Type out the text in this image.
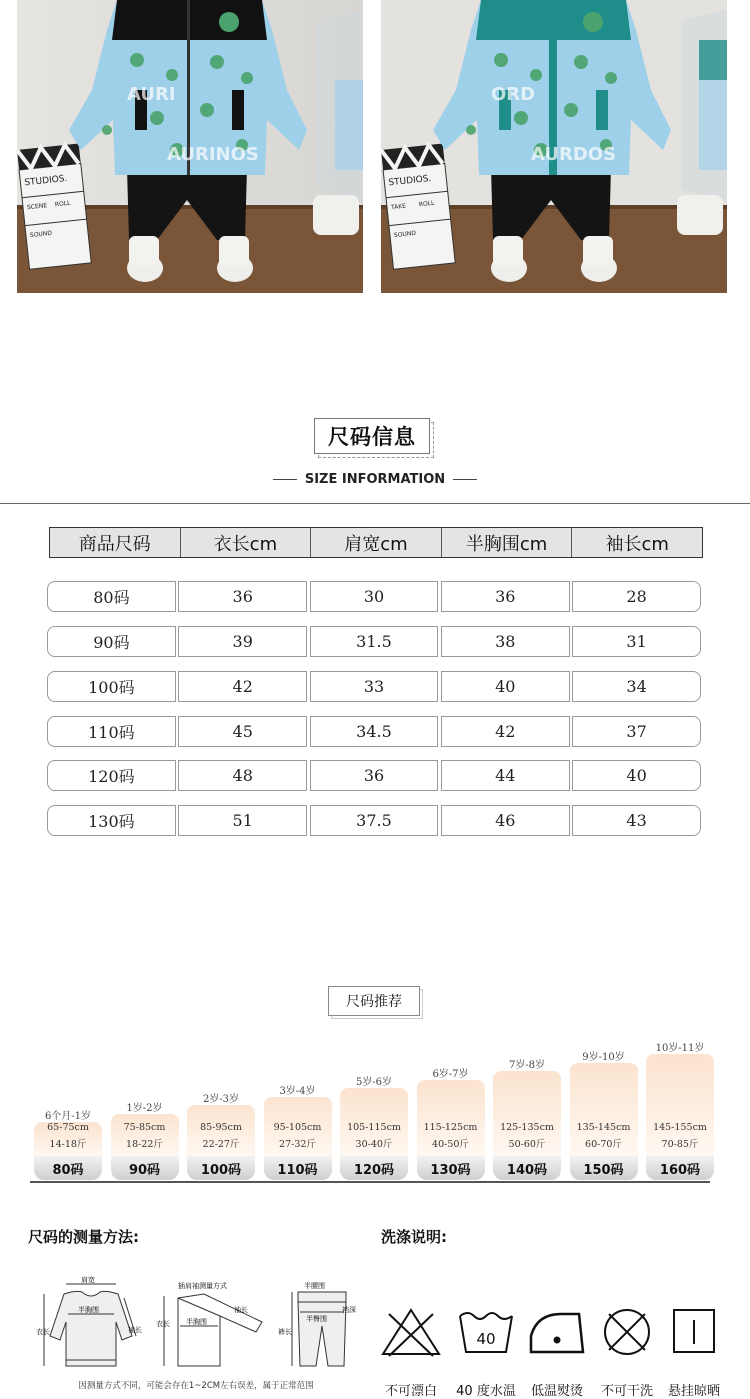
STUDIOS.
SCENE ROLL
SOUND
AURI
AURINOS
STUDIOS.
TAKE ROLL
SOUND
ORD
AURDOS
尺码信息
SIZE INFORMATION
商品尺码	衣长cm	肩宽cm	半胸围cm	袖长cm
80码	36	30	36	28
90码	39	31.5	38	31
100码	42	33	40	34
110码	45	34.5	42	37
120码	48	36	44	40
130码	51	37.5	46	43
尺码推荐
6个月-1岁
65-75cm
14-18斤
80码
1岁-2岁
75-85cm
18-22斤
90码
2岁-3岁
85-95cm
22-27斤
100码
3岁-4岁
95-105cm
27-32斤
110码
5岁-6岁
105-115cm
30-40斤
120码
6岁-7岁
115-125cm
40-50斤
130码
7岁-8岁
125-135cm
50-60斤
140码
9岁-10岁
135-145cm
60-70斤
150码
10岁-11岁
145-155cm
70-85斤
160码
尺码的测量方法:
肩宽
半胸围
衣长	袖长
插肩袖测量方式
衣长 半胸围
袖长
半腰围
半臀围
裆深
裤长
因测量方式不同，可能会存在1~2CM左右误差，属于正常范围
洗涤说明:
不可漂白
40
40 度水温	低温熨烫	不可干洗	悬挂晾晒
